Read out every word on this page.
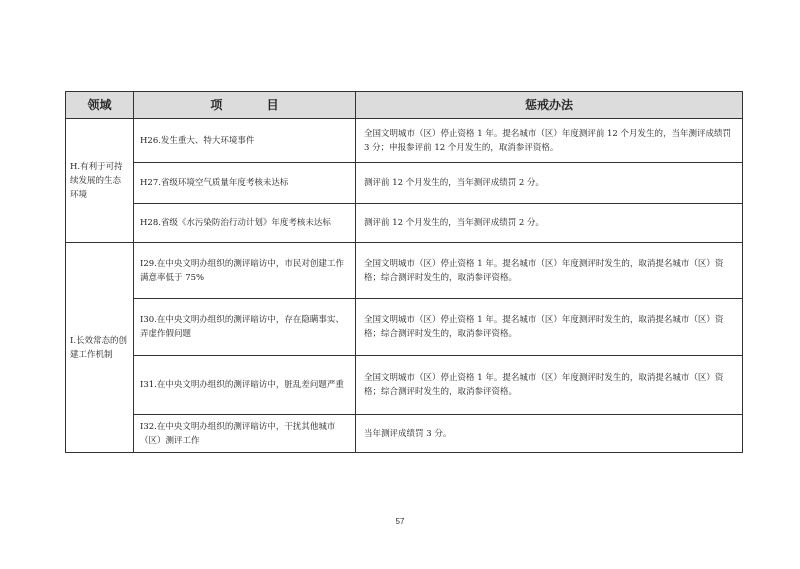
领域	项 目	惩戒办法
H.有利于可持续发展的生态环境	H26.发生重大、特大环境事件	全国文明城市（区）停止资格 1 年。提名城市（区）年度测评前 12 个月发生的，当年测评成绩罚 3 分；申报参评前 12 个月发生的，取消参评资格。
	H27.省级环境空气质量年度考核未达标	测评前 12 个月发生的，当年测评成绩罚 2 分。
	H28.省级《水污染防治行动计划》年度考核未达标	测评前 12 个月发生的，当年测评成绩罚 2 分。
I.长效常态的创建工作机制	I29.在中央文明办组织的测评暗访中，市民对创建工作满意率低于 75%	全国文明城市（区）停止资格 1 年。提名城市（区）年度测评时发生的，取消提名城市（区）资格；综合测评时发生的，取消参评资格。
	I30.在中央文明办组织的测评暗访中，存在隐瞒事实、弄虚作假问题	全国文明城市（区）停止资格 1 年。提名城市（区）年度测评时发生的，取消提名城市（区）资格；综合测评时发生的，取消参评资格。
	I31.在中央文明办组织的测评暗访中，脏乱差问题严重	全国文明城市（区）停止资格 1 年。提名城市（区）年度测评时发生的，取消提名城市（区）资格；综合测评时发生的，取消参评资格。
	I32.在中央文明办组织的测评暗访中，干扰其他城市（区）测评工作	当年测评成绩罚 3 分。
57
